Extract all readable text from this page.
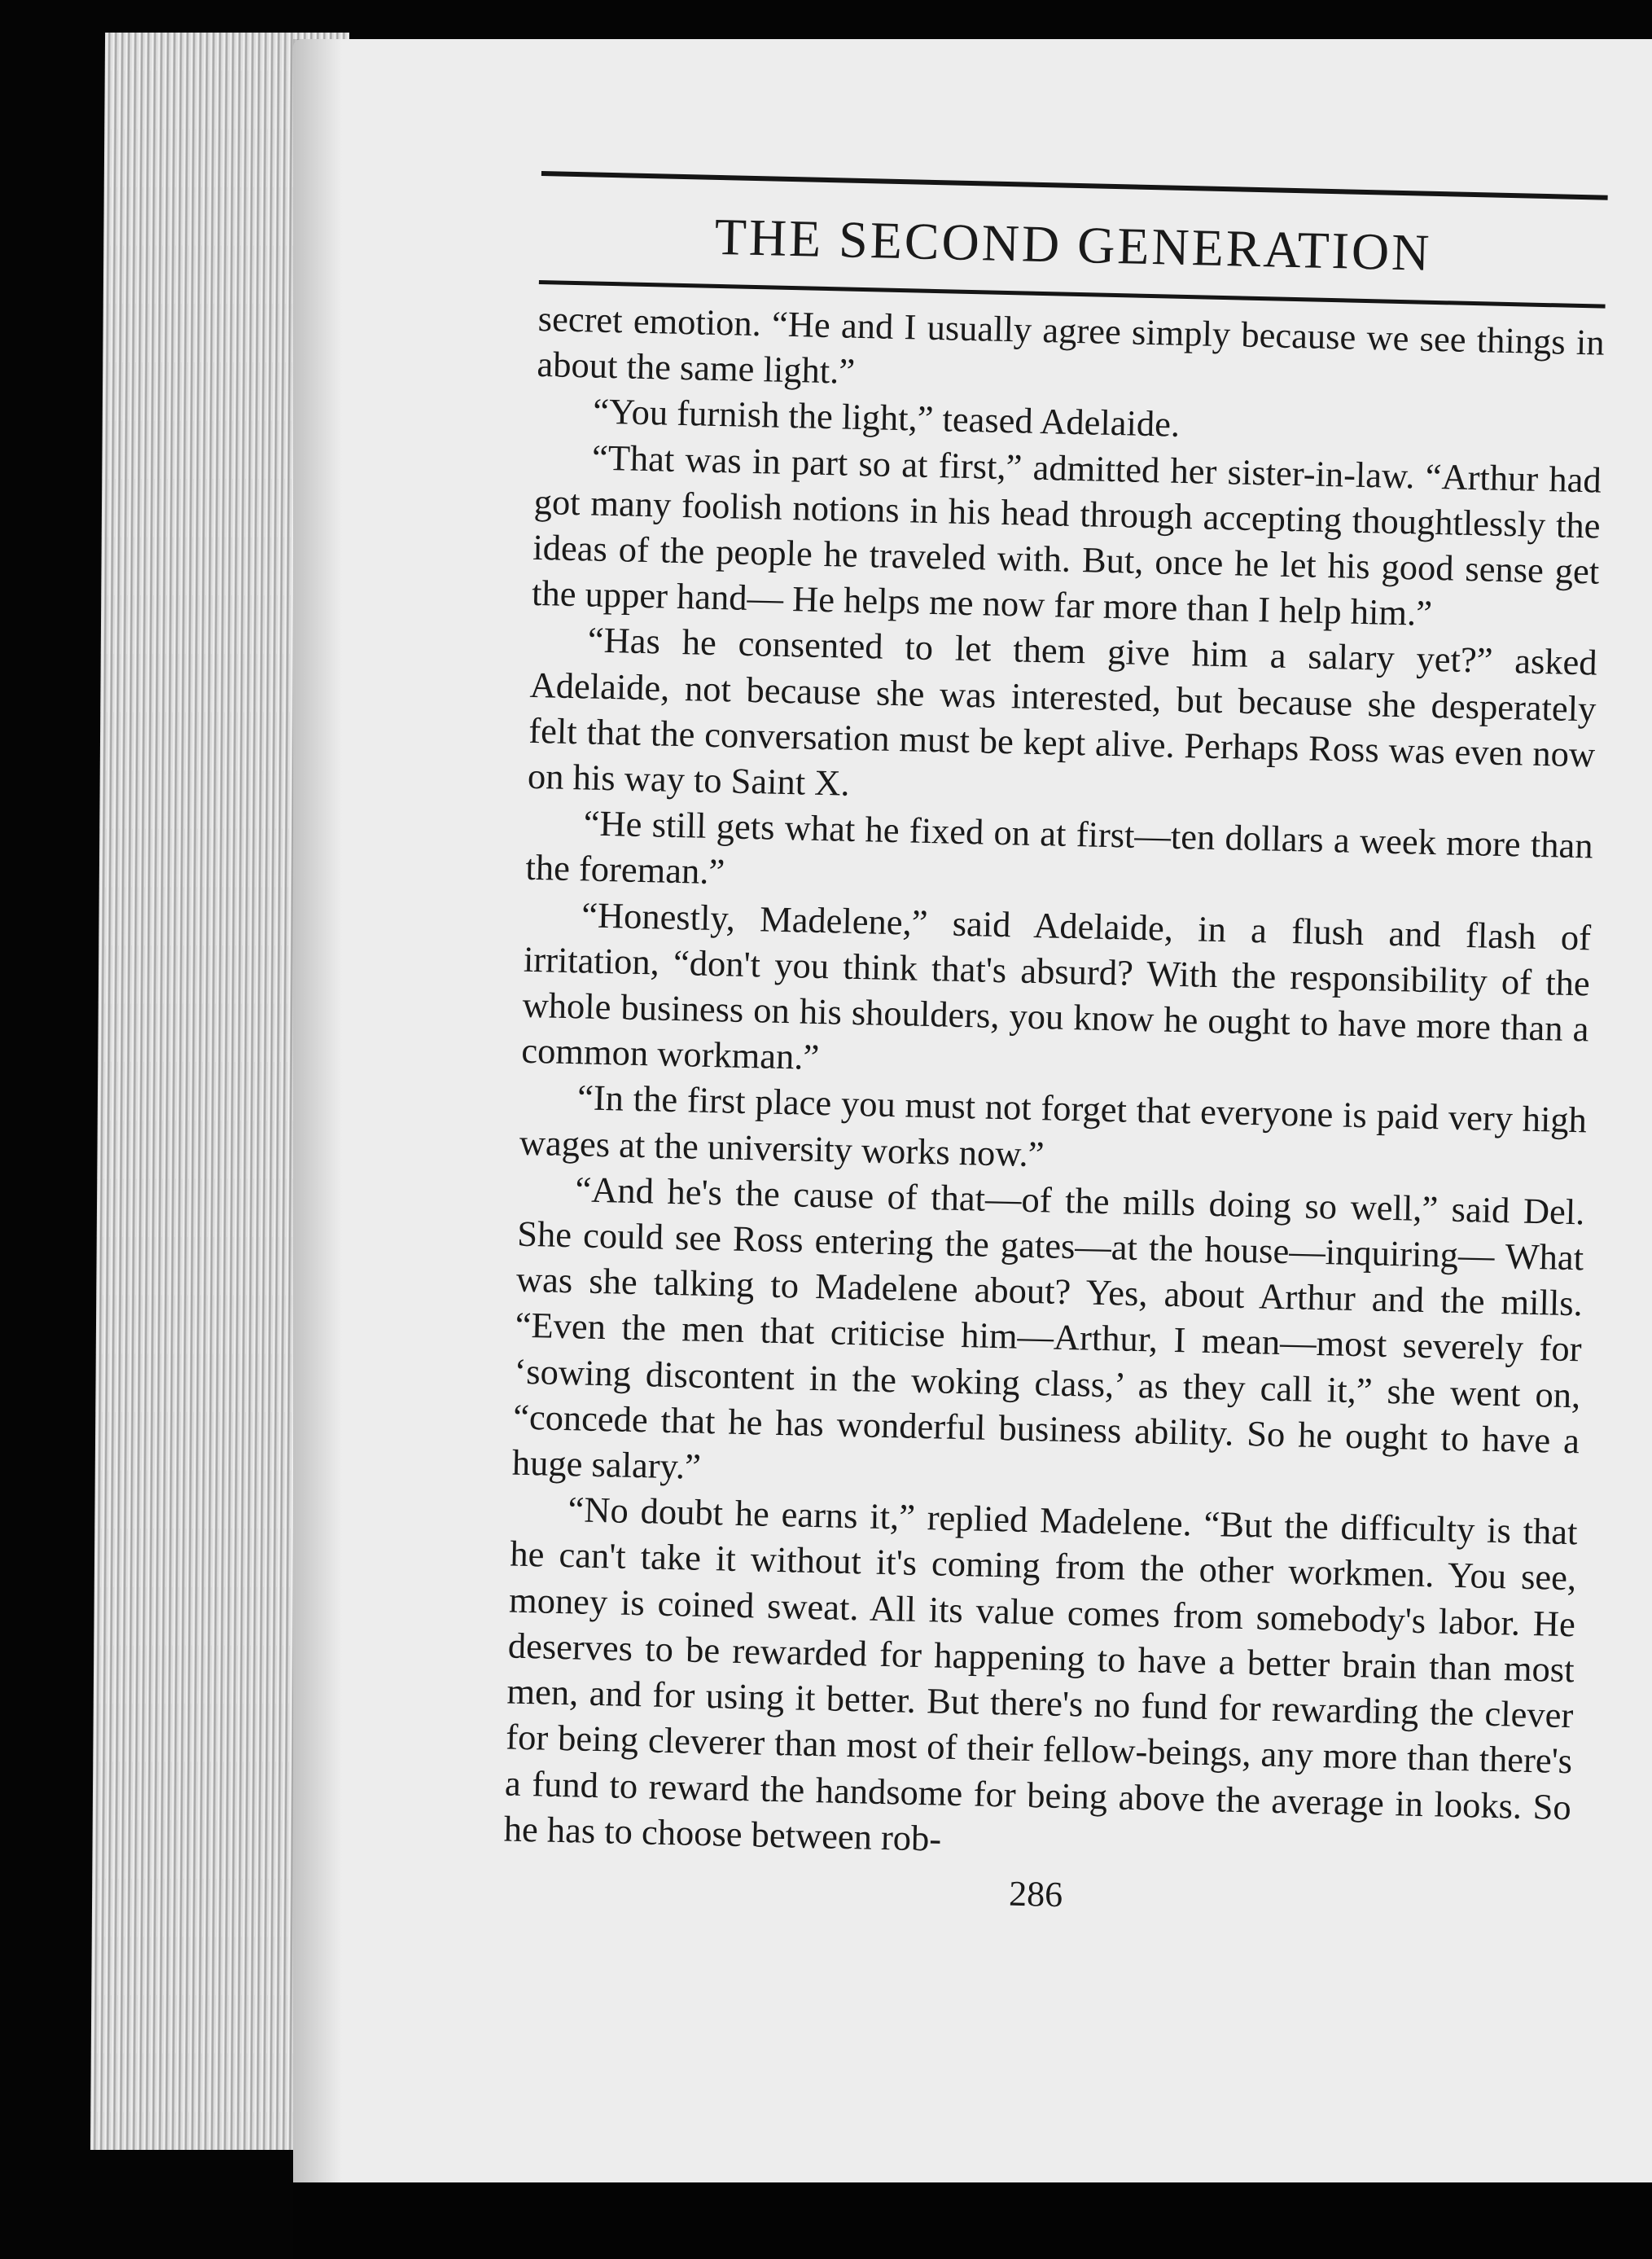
THE SECOND GENERATION

secret emotion. “He and I usually agree simply because we see things in about the same light.”

“You furnish the light,” teased Adelaide.

“That was in part so at first,” admitted her sister-in-law. “Arthur had got many foolish notions in his head through accepting thoughtlessly the ideas of the people he traveled with. But, once he let his good sense get the upper hand— He helps me now far more than I help him.”

“Has he consented to let them give him a salary yet?” asked Adelaide, not because she was interested, but because she desperately felt that the conversation must be kept alive. Perhaps Ross was even now on his way to Saint X.

“He still gets what he fixed on at first—ten dollars a week more than the foreman.”

“Honestly, Madelene,” said Adelaide, in a flush and flash of irritation, “don't you think that's absurd? With the responsibility of the whole business on his shoulders, you know he ought to have more than a common workman.”

“In the first place you must not forget that everyone is paid very high wages at the university works now.”

“And he's the cause of that—of the mills doing so well,” said Del. She could see Ross entering the gates—at the house—inquiring— What was she talking to Madelene about? Yes, about Arthur and the mills. “Even the men that criticise him—Arthur, I mean—most severely for ‘sowing discontent in the woking class,’ as they call it,” she went on, “concede that he has wonderful business ability. So he ought to have a huge salary.”

“No doubt he earns it,” replied Madelene. “But the difficulty is that he can't take it without it's coming from the other workmen. You see, money is coined sweat. All its value comes from somebody's labor. He deserves to be rewarded for happening to have a better brain than most men, and for using it better. But there's no fund for rewarding the clever for being cleverer than most of their fellow-beings, any more than there's a fund to reward the handsome for being above the average in looks. So he has to choose between rob-

286
